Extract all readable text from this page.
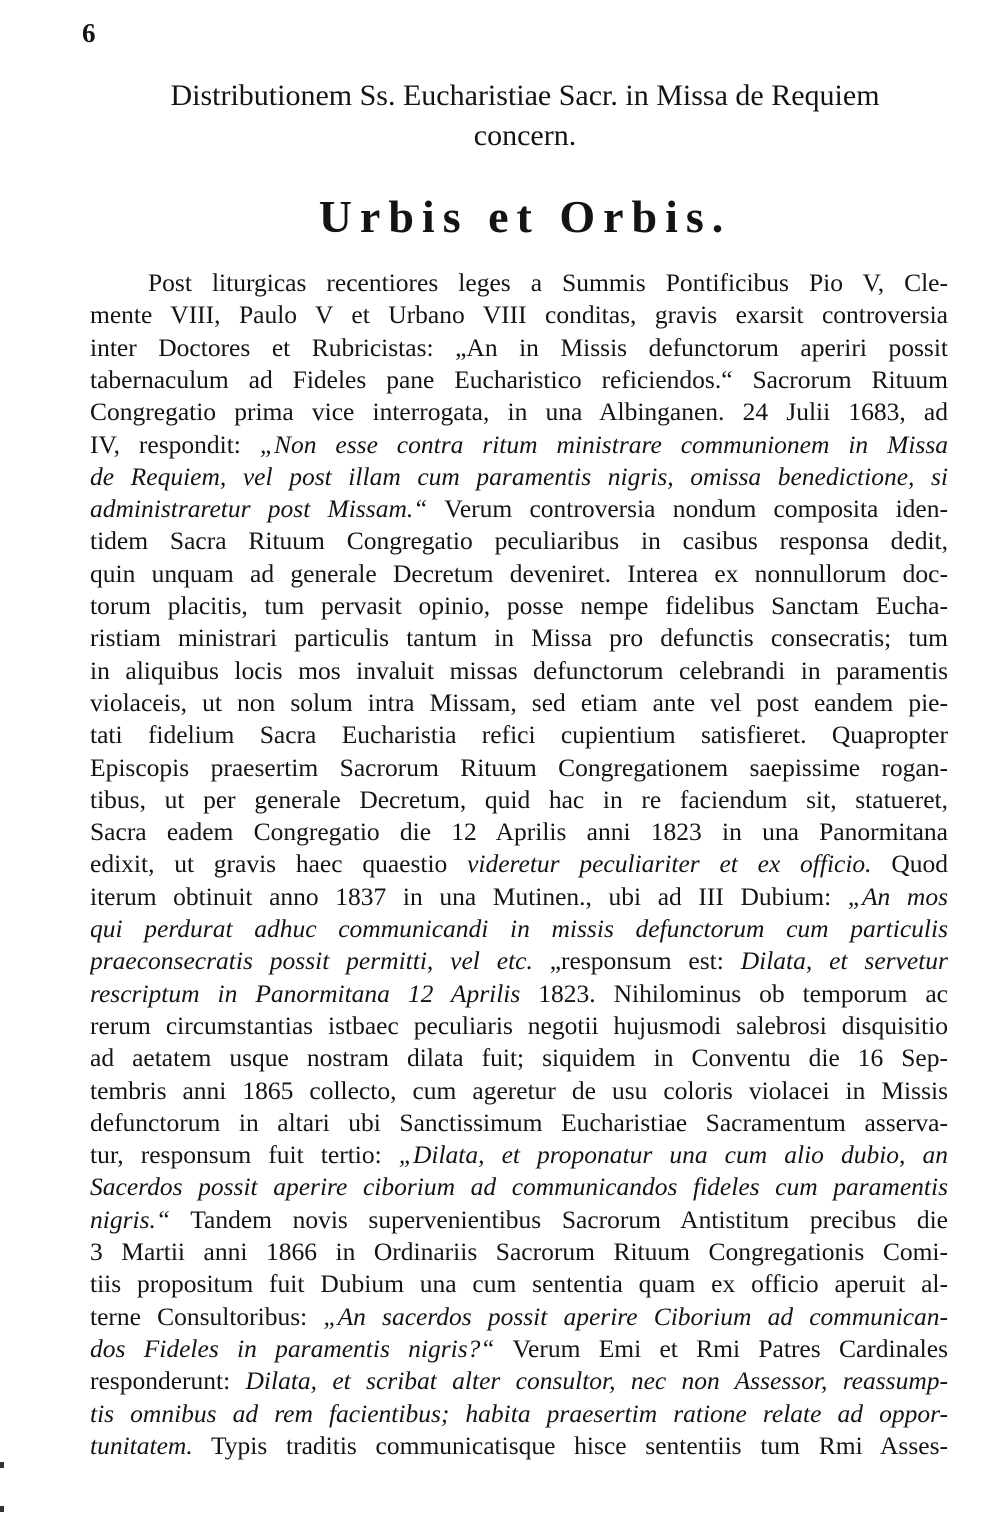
6
Distributionem Ss. Eucharistiae Sacr. in Missa de Requiem
concern.
Urbis et Orbis.
Post liturgicas recentiores leges a Summis Pontificibus Pio V, Cle-
mente VIII, Paulo V et Urbano VIII conditas, gravis exarsit controversia
inter Doctores et Rubricistas: „An in Missis defunctorum aperiri possit
tabernaculum ad Fideles pane Eucharistico reficiendos.“ Sacrorum Rituum
Congregatio prima vice interrogata, in una Albinganen. 24 Julii 1683, ad
IV, respondit: „Non esse contra ritum ministrare communionem in Missa
de Requiem, vel post illam cum paramentis nigris, omissa benedictione, si
administraretur post Missam.“ Verum controversia nondum composita iden-
tidem Sacra Rituum Congregatio peculiaribus in casibus responsa dedit,
quin unquam ad generale Decretum deveniret. Interea ex nonnullorum doc-
torum placitis, tum pervasit opinio, posse nempe fidelibus Sanctam Eucha-
ristiam ministrari particulis tantum in Missa pro defunctis consecratis; tum
in aliquibus locis mos invaluit missas defunctorum celebrandi in paramentis
violaceis, ut non solum intra Missam, sed etiam ante vel post eandem pie-
tati fidelium Sacra Eucharistia refici cupientium satisfieret. Quapropter
Episcopis praesertim Sacrorum Rituum Congregationem saepissime rogan-
tibus, ut per generale Decretum, quid hac in re faciendum sit, statueret,
Sacra eadem Congregatio die 12 Aprilis anni 1823 in una Panormitana
edixit, ut gravis haec quaestio videretur peculiariter et ex officio. Quod
iterum obtinuit anno 1837 in una Mutinen., ubi ad III Dubium: „An mos
qui perdurat adhuc communicandi in missis defunctorum cum particulis
praeconsecratis possit permitti, vel etc. „responsum est: Dilata, et servetur
rescriptum in Panormitana 12 Aprilis 1823. Nihilominus ob temporum ac
rerum circumstantias istbaec peculiaris negotii hujusmodi salebrosi disquisitio
ad aetatem usque nostram dilata fuit; siquidem in Conventu die 16 Sep-
tembris anni 1865 collecto, cum ageretur de usu coloris violacei in Missis
defunctorum in altari ubi Sanctissimum Eucharistiae Sacramentum asserva-
tur, responsum fuit tertio: „Dilata, et proponatur una cum alio dubio, an
Sacerdos possit aperire ciborium ad communicandos fideles cum paramentis
nigris.“ Tandem novis supervenientibus Sacrorum Antistitum precibus die
3 Martii anni 1866 in Ordinariis Sacrorum Rituum Congregationis Comi-
tiis propositum fuit Dubium una cum sententia quam ex officio aperuit al-
terne Consultoribus: „An sacerdos possit aperire Ciborium ad communican-
dos Fideles in paramentis nigris?“ Verum Emi et Rmi Patres Cardinales
responderunt: Dilata, et scribat alter consultor, nec non Assessor, reassump-
tis omnibus ad rem facientibus; habita praesertim ratione relate ad oppor-
tunitatem. Typis traditis communicatisque hisce sententiis tum Rmi Asses-
